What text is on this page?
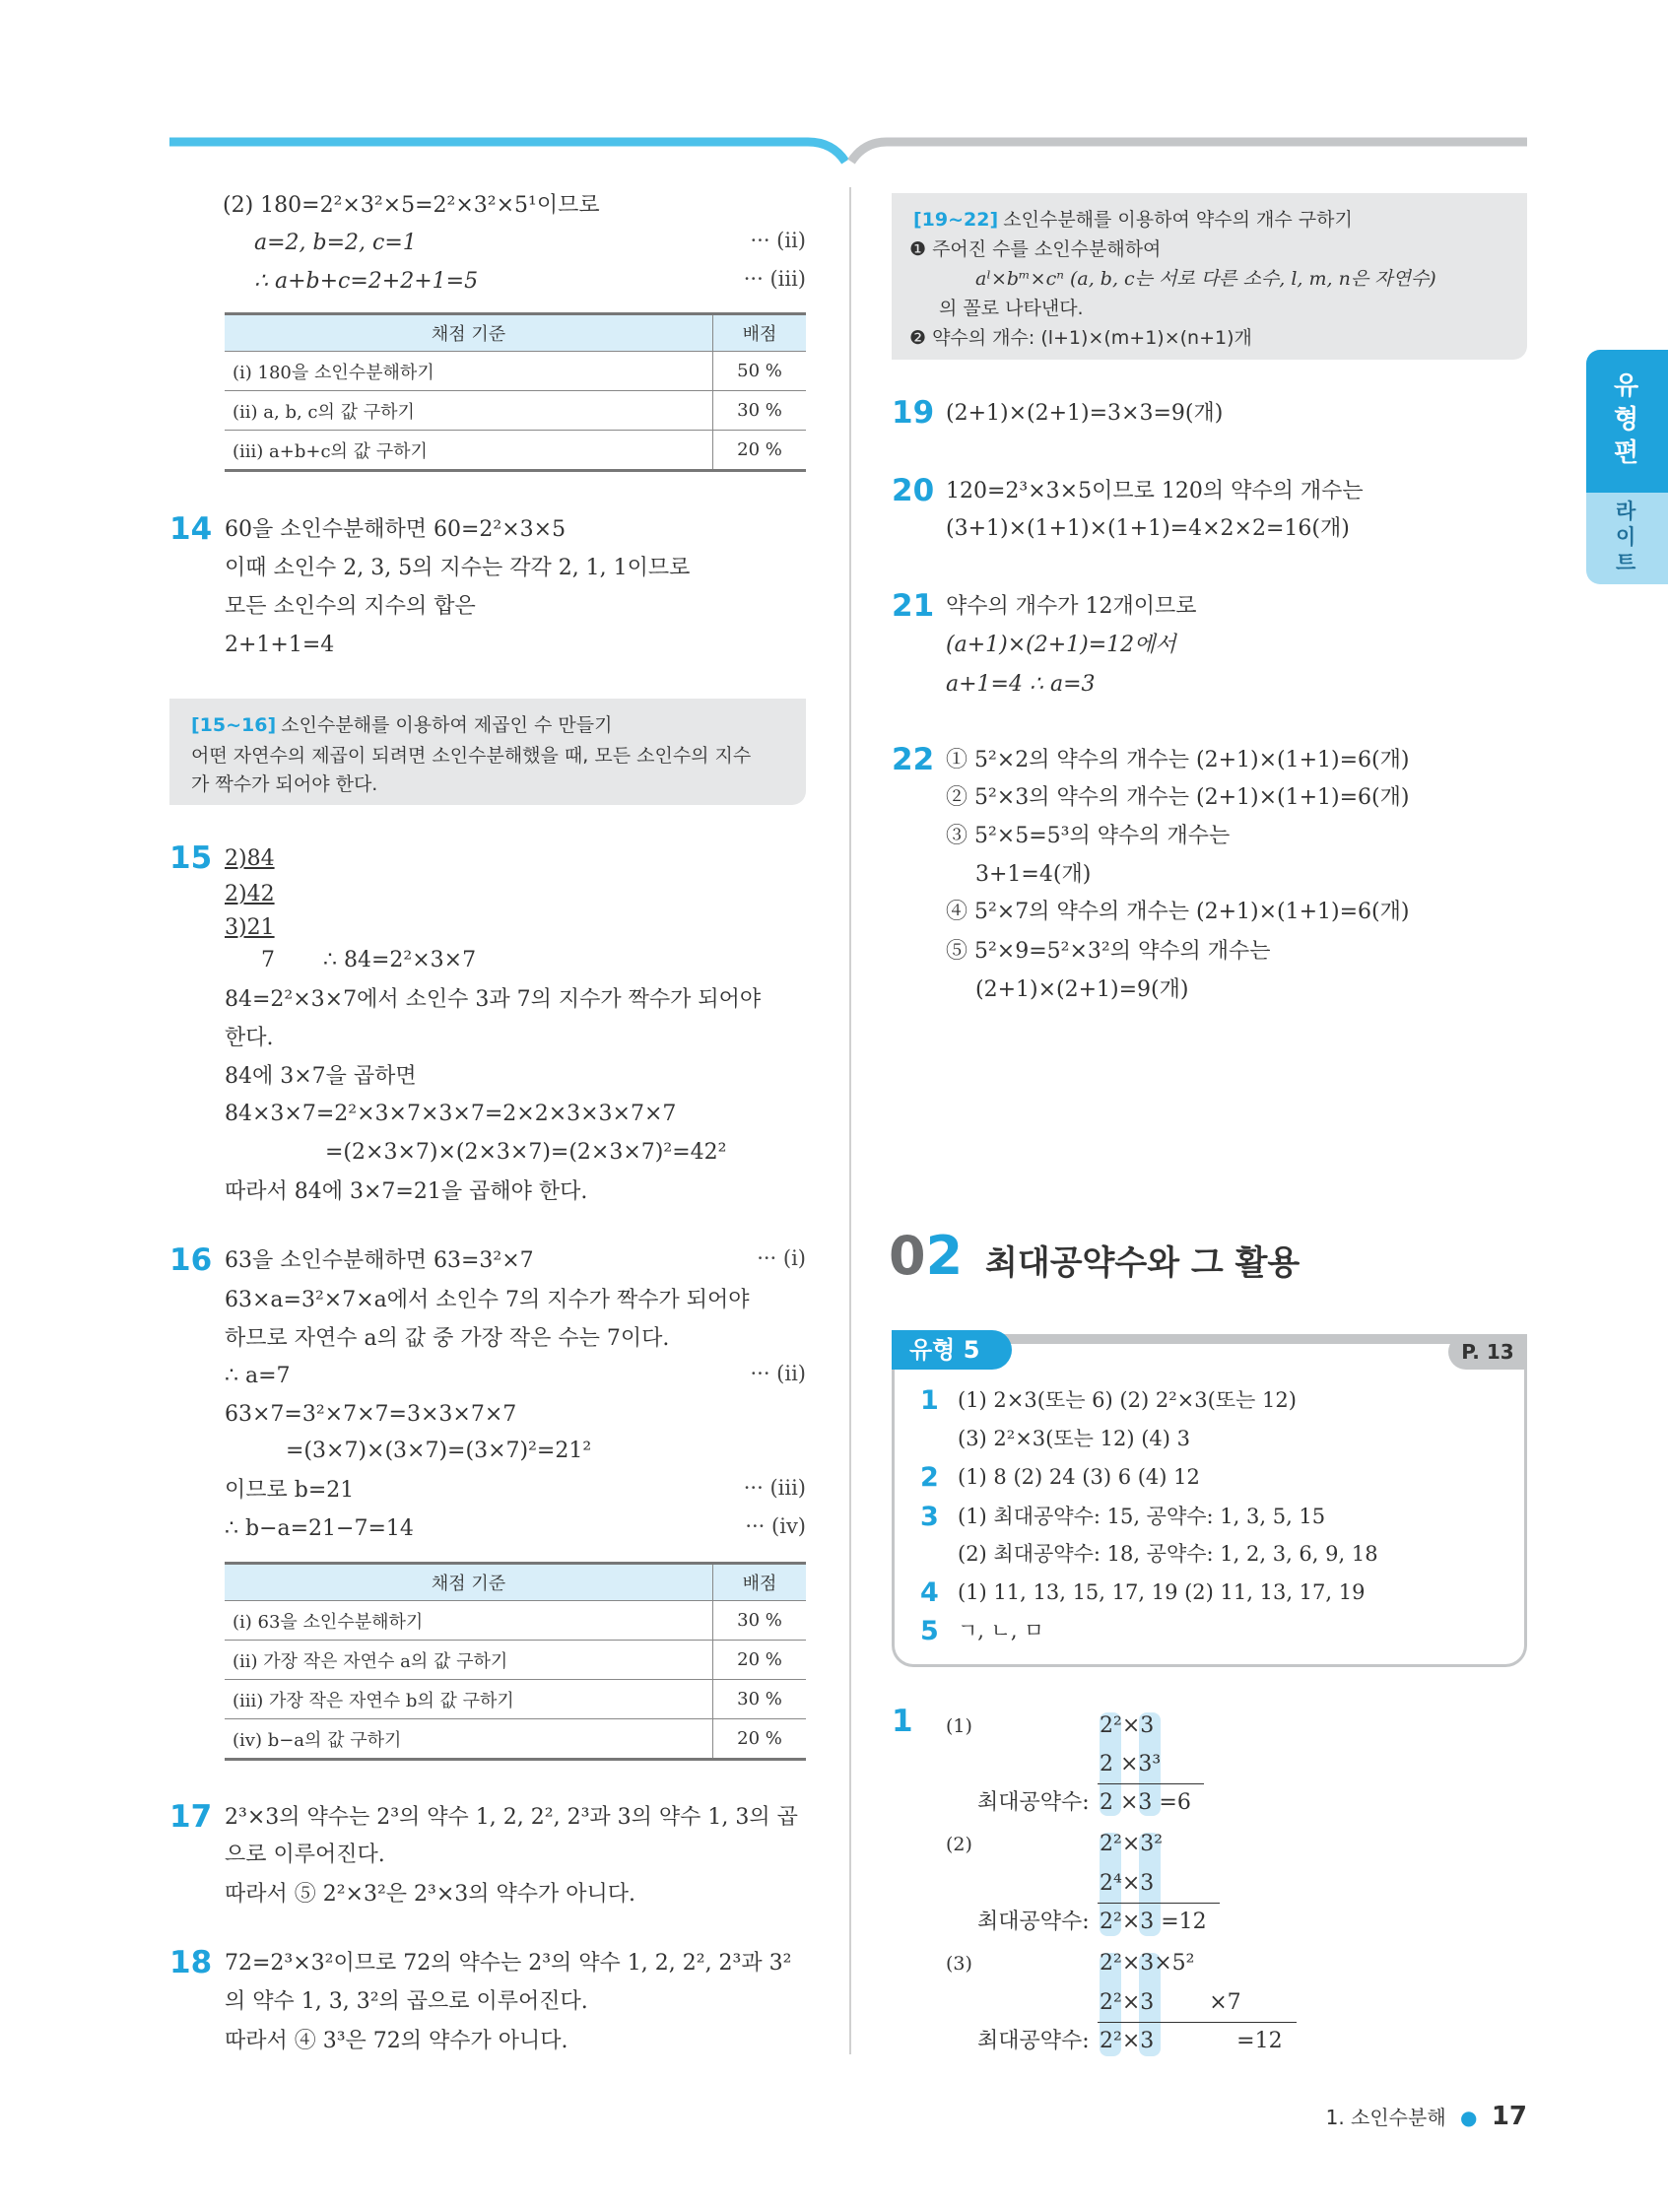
유형편
라이트
(2) 180=2²×3²×5=2²×3²×5¹이므로
a=2, b=2, c=1	··· (ii)
∴ a+b+c=2+2+1=5	··· (iii)
채점 기준	배점
(i) 180을 소인수분해하기	50 %
(ii) a, b, c의 값 구하기	30 %
(iii) a+b+c의 값 구하기	20 %
14 60을 소인수분해하면 60=2²×3×5
이때 소인수 2, 3, 5의 지수는 각각 2, 1, 1이므로
모든 소인수의 지수의 합은
2+1+1=4
[15~16] 소인수분해를 이용하여 제곱인 수 만들기
어떤 자연수의 제곱이 되려면 소인수분해했을 때, 모든 소인수의 지수
가 짝수가 되어야 한다.
15 2)84
2)42
3)21
7 ∴ 84=2²×3×7
84=2²×3×7에서 소인수 3과 7의 지수가 짝수가 되어야
한다.
84에 3×7을 곱하면
84×3×7=2²×3×7×3×7=2×2×3×3×7×7
=(2×3×7)×(2×3×7)=(2×3×7)²=42²
따라서 84에 3×7=21을 곱해야 한다.
16 63을 소인수분해하면 63=3²×7	··· (i)
63×a=3²×7×a에서 소인수 7의 지수가 짝수가 되어야
하므로 자연수 a의 값 중 가장 작은 수는 7이다.
∴ a=7	··· (ii)
63×7=3²×7×7=3×3×7×7
=(3×7)×(3×7)=(3×7)²=21²
이므로 b=21	··· (iii)
∴ b−a=21−7=14	··· (iv)
채점 기준	배점
(i) 63을 소인수분해하기	30 %
(ii) 가장 작은 자연수 a의 값 구하기	20 %
(iii) 가장 작은 자연수 b의 값 구하기	30 %
(iv) b−a의 값 구하기	20 %
17 2³×3의 약수는 2³의 약수 1, 2, 2², 2³과 3의 약수 1, 3의 곱
으로 이루어진다.
따라서 ⑤ 2²×3²은 2³×3의 약수가 아니다.
18 72=2³×3²이므로 72의 약수는 2³의 약수 1, 2, 2², 2³과 3²
의 약수 1, 3, 3²의 곱으로 이루어진다.
따라서 ④ 3³은 72의 약수가 아니다.
[19~22] 소인수분해를 이용하여 약수의 개수 구하기
❶ 주어진 수를 소인수분해하여
aˡ×bᵐ×cⁿ (a, b, c는 서로 다른 소수, l, m, n은 자연수)
의 꼴로 나타낸다.
❷ 약수의 개수: (l+1)×(m+1)×(n+1)개
19 (2+1)×(2+1)=3×3=9(개)
20 120=2³×3×5이므로 120의 약수의 개수는
(3+1)×(1+1)×(1+1)=4×2×2=16(개)
21 약수의 개수가 12개이므로
(a+1)×(2+1)=12에서
a+1=4 ∴ a=3
22 ① 5²×2의 약수의 개수는 (2+1)×(1+1)=6(개)
② 5²×3의 약수의 개수는 (2+1)×(1+1)=6(개)
③ 5²×5=5³의 약수의 개수는
3+1=4(개)
④ 5²×7의 약수의 개수는 (2+1)×(1+1)=6(개)
⑤ 5²×9=5²×3²의 약수의 개수는
(2+1)×(2+1)=9(개)
02 최대공약수와 그 활용
유형 5	P. 13
1 (1) 2×3(또는 6) (2) 2²×3(또는 12)
(3) 2²×3(또는 12) (4) 3
2 (1) 8 (2) 24 (3) 6 (4) 12
3 (1) 최대공약수: 15, 공약수: 1, 3, 5, 15
(2) 최대공약수: 18, 공약수: 1, 2, 3, 6, 9, 18
4 (1) 11, 13, 15, 17, 19 (2) 11, 13, 17, 19
5 ㄱ, ㄴ, ㅁ
1 (1)	2²×3
2 ×3³
최대공약수: 2 ×3 =6
(2)	2²×3²
2⁴×3
최대공약수: 2²×3 =12
(3)	2²×3×5²
2²×3        ×7
최대공약수: 2²×3            =12
1. 소인수분해 ● 17
